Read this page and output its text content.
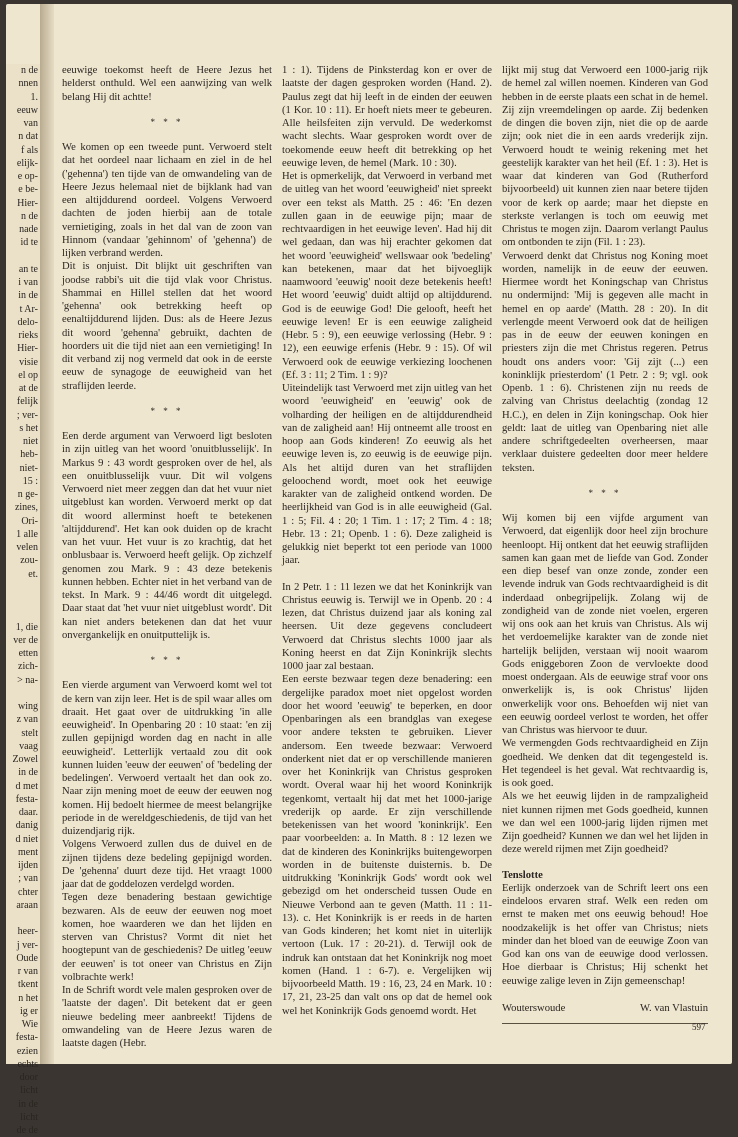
n de
nnen
1.
eeuw
van
n dat
f als
elijk-
e op-
e be-
Hier-
n de
nade
id te

an te
i van
in de
t Ar-
delo-
rieks
Hier-
visie
el op
at de
felijk
; ver-
s het
niet
heb-
niet-
15 :
n ge-
zines,
Ori-
1 alle
velen
zou-
et.

1, die
ver de
etten
zich-
> na-

wing
z van
stelt
vaag
Zowel
in de
d met
festa-
daar.
danig
d niet
ment
ijden
; van
chter
araan

heer-
j ver-
Oude
r van
tkent
n het
ig er
Wie
festa-
ezien
echts
door
licht
in de
licht
de de

eeuwige toekomst heeft de Heere Jezus het helderst onthuld. Wel een aanwijzing van welk belang Hij dit achtte!

* * *

We komen op een tweede punt. Verwoerd stelt dat het oordeel naar lichaam en ziel in de hel ('gehenna') ten tijde van de omwandeling van de Heere Jezus helemaal niet de bijklank had van een altijddurend oordeel. Volgens Verwoerd dachten de joden hierbij aan de totale vernietiging, zoals in het dal van de zoon van Hinnom (vandaar 'gehinnom' of 'gehenna') de lijken verbrand werden.

Dit is onjuist. Dit blijkt uit geschriften van joodse rabbi's uit die tijd vlak voor Christus. Shammai en Hillel stellen dat het woord 'gehenna' ook betrekking heeft op eenaltijddurend lijden. Dus: als de Heere Jezus dit woord 'gehenna' gebruikt, dachten de hoorders uit die tijd niet aan een vernietiging! In dit verband zij nog vermeld dat ook in de eerste eeuw de synagoge de eeuwigheid van het straflijden leerde.

* * *

Een derde argument van Verwoerd ligt besloten in zijn uitleg van het woord 'onuitblusselijk'. In Markus 9 : 43 wordt gesproken over de hel, als een onuitblusselijk vuur. Dit wil volgens Verwoerd niet meer zeggen dan dat het vuur niet uitgeblust kan worden. Verwoerd merkt op dat dit woord allerminst hoeft te betekenen 'altijddurend'. Het kan ook duiden op de kracht van het vuur. Het vuur is zo krachtig, dat het onblusbaar is. Verwoerd heeft gelijk. Op zichzelf genomen zou Mark. 9 : 43 deze betekenis kunnen hebben. Echter niet in het verband van de tekst. In Mark. 9 : 44/46 wordt dit uitgelegd. Daar staat dat 'het vuur niet uitgeblust wordt'. Dit kan niet anders betekenen dan dat het vuur onvergankelijk en onuitputtelijk is.

* * *

Een vierde argument van Verwoerd komt wel tot de kern van zijn leer. Het is de spil waar alles om draait. Het gaat over de uitdrukking 'in alle eeuwigheid'. In Openbaring 20 : 10 staat: 'en zij zullen gepijnigd worden dag en nacht in alle eeuwigheid'. Letterlijk vertaald zou dit ook kunnen luiden 'eeuw der eeuwen' of 'bedeling der bedelingen'. Verwoerd vertaalt het dan ook zo. Naar zijn mening moet de eeuw der eeuwen nog komen. Hij bedoelt hiermee de meest belangrijke periode in de wereldgeschiedenis, de tijd van het duizendjarig rijk.

Volgens Verwoerd zullen dus de duivel en de zijnen tijdens deze bedeling gepijnigd worden. De 'gehenna' duurt deze tijd. Het vraagt 1000 jaar dat de goddelozen verdelgd worden.

Tegen deze benadering bestaan gewichtige bezwaren. Als de eeuw der eeuwen nog moet komen, hoe waarderen we dan het lijden en sterven van Christus? Vormt dit niet het hoogtepunt van de geschiedenis? De uitleg 'eeuw der eeuwen' is tot oneer van Christus en Zijn volbrachte werk!

In de Schrift wordt vele malen gesproken over de 'laatste der dagen'. Dit betekent dat er geen nieuwe bedeling meer aanbreekt! Tijdens de omwandeling van de Heere Jezus waren de laatste dagen (Hebr.

1 : 1). Tijdens de Pinksterdag kon er over de laatste der dagen gesproken worden (Hand. 2). Paulus zegt dat hij leeft in de einden der eeuwen (1 Kor. 10 : 11). Er hoeft niets meer te gebeuren. Alle heilsfeiten zijn vervuld. De wederkomst wacht slechts. Waar gesproken wordt over de toekomende eeuw heeft dit betrekking op het eeuwige leven, de hemel (Mark. 10 : 30).

Het is opmerkelijk, dat Verwoerd in verband met de uitleg van het woord 'eeuwigheid' niet spreekt over een tekst als Matth. 25 : 46: 'En dezen zullen gaan in de eeuwige pijn; maar de rechtvaardigen in het eeuwige leven'. Had hij dit wel gedaan, dan was hij erachter gekomen dat het woord 'eeuwigheid' wellswaar ook 'bedeling' kan betekenen, maar dat het bijvoeglijk naamwoord 'eeuwig' nooit deze betekenis heeft! Het woord 'eeuwig' duidt altijd op altijddurend. God is de eeuwige God! Die gelooft, heeft het eeuwige leven! Er is een eeuwige zaligheid (Hebr. 5 : 9), een eeuwige verlossing (Hebr. 9 : 12), een eeuwige erfenis (Hebr. 9 : 15). Of wil Verwoerd ook de eeuwige verkiezing loochenen (Ef. 3 : 11; 2 Tim. 1 : 9)?

Uiteindelijk tast Verwoerd met zijn uitleg van het woord 'eeuwigheid' en 'eeuwig' ook de volharding der heiligen en de altijddurendheid van de zaligheid aan! Hij ontneemt alle troost en hoop aan Gods kinderen! Zo eeuwig als het eeuwige leven is, zo eeuwig is de eeuwige pijn. Als het altijd duren van het straflijden geloochend wordt, moet ook het eeuwige karakter van de zaligheid ontkend worden. De heerlijkheid van God is in alle eeuwigheid (Gal. 1 : 5; Fil. 4 : 20; 1 Tim. 1 : 17; 2 Tim. 4 : 18; Hebr. 13 : 21; Openb. 1 : 6). Deze zaligheid is gelukkig niet beperkt tot een periode van 1000 jaar.

In 2 Petr. 1 : 11 lezen we dat het Koninkrijk van Christus eeuwig is. Terwijl we in Openb. 20 : 4 lezen, dat Christus duizend jaar als koning zal heersen. Uit deze gegevens concludeert Verwoerd dat Christus slechts 1000 jaar als Koning heerst en dat Zijn Koninkrijk slechts 1000 jaar zal bestaan.

Een eerste bezwaar tegen deze benadering: een dergelijke paradox moet niet opgelost worden door het woord 'eeuwig' te beperken, en door Openbaringen als een brandglas van exegese voor andere teksten te gebruiken. Liever andersom. Een tweede bezwaar: Verwoerd onderkent niet dat er op verschillende manieren over het Koninkrijk van Christus gesproken wordt. Overal waar hij het woord Koninkrijk tegenkomt, vertaalt hij dat met het 1000-jarige vrederijk op aarde. Er zijn verschillende betekenissen van het woord 'koninkrijk'. Een paar voorbeelden: a. In Matth. 8 : 12 lezen we dat de kinderen des Koninkrijks buitengeworpen worden in de buitenste duisternis. b. De uitdrukking 'Koninkrijk Gods' wordt ook wel gebezigd om het onderscheid tussen Oude en Nieuwe Verbond aan te geven (Matth. 11 : 11-13). c. Het Koninkrijk is er reeds in de harten van Gods kinderen; het komt niet in uiterlijk vertoon (Luk. 17 : 20-21). d. Terwijl ook de indruk kan ontstaan dat het Koninkrijk nog moet komen (Hand. 1 : 6-7). e. Vergelijken wij bijvoorbeeld Matth. 19 : 16, 23, 24 en Mark. 10 : 17, 21, 23-25 dan valt ons op dat de hemel ook wel het Koninkrijk Gods genoemd wordt. Het

lijkt mij stug dat Verwoerd een 1000-jarig rijk de hemel zal willen noemen. Kinderen van God hebben in de eerste plaats een schat in de hemel. Zij zijn vreemdelingen op aarde. Zij bedenken de dingen die boven zijn, niet die op de aarde zijn; ook niet die in een aards vrederijk zijn. Verwoerd houdt te weinig rekening met het geestelijk karakter van het heil (Ef. 1 : 3). Het is waar dat kinderen van God (Rutherford bijvoorbeeld) uit kunnen zien naar betere tijden voor de kerk op aarde; maar het diepste en sterkste verlangen is toch om eeuwig met Christus te mogen zijn. Daarom verlangt Paulus om ontbonden te zijn (Fil. 1 : 23).

Verwoerd denkt dat Christus nog Koning moet worden, namelijk in de eeuw der eeuwen. Hiermee wordt het Koningschap van Christus nu ondermijnd: 'Mij is gegeven alle macht in hemel en op aarde' (Matth. 28 : 20). In dit verlengde meent Verwoerd ook dat de heiligen pas in de eeuw der eeuwen koningen en priesters zijn die met Christus regeren. Petrus houdt ons anders voor: 'Gij zijt (...) een koninklijk priesterdom' (1 Petr. 2 : 9; vgl. ook Openb. 1 : 6). Christenen zijn nu reeds de zalving van Christus deelachtig (zondag 12 H.C.), en delen in Zijn koningschap. Ook hier geldt: laat de uitleg van Openbaring niet alle andere schriftgedeelten overheersen, maar verklaar duistere gedeelten door meer heldere teksten.

* * *

Wij komen bij een vijfde argument van Verwoerd, dat eigenlijk door heel zijn brochure heenloopt. Hij ontkent dat het eeuwig straflijden samen kan gaan met de liefde van God. Zonder een diep besef van onze zonde, zonder een levende indruk van Gods rechtvaardigheid is dit inderdaad onbegrijpelijk. Zolang wij de zondigheid van de zonde niet voelen, ergeren wij ons ook aan het kruis van Christus. Als wij het verdoemelijke karakter van de zonde niet hartelijk belijden, verstaan wij nooit waarom Gods eniggeboren Zoon de vervloekte dood moest ondergaan. Als de eeuwige straf voor ons onwerkelijk is, is ook Christus' lijden onwerkelijk voor ons. Behoefden wij niet van een eeuwig oordeel verlost te worden, het offer van Christus was hiervoor te duur.

We vermengden Gods rechtvaardigheid en Zijn goedheid. We denken dat dit tegengesteld is. Het tegendeel is het geval. Wat rechtvaardig is, is ook goed.

Als we het eeuwig lijden in de rampzaligheid niet kunnen rijmen met Gods goedheid, kunnen we dan wel een 1000-jarig lijden rijmen met Zijn goedheid? Kunnen we dan wel het lijden in deze wereld rijmen met Zijn goedheid?

Tenslotte

Eerlijk onderzoek van de Schrift leert ons een eindeloos ervaren straf. Welk een reden om ernst te maken met ons eeuwig behoud! Hoe noodzakelijk is het offer van Christus; niets minder dan het bloed van de eeuwige Zoon van God kan ons van de eeuwige dood verlossen. Hoe dierbaar is Christus; Hij schenkt het eeuwige zalige leven in Zijn gemeenschap!

Wouterswoude	W. van Vlastuin
597
